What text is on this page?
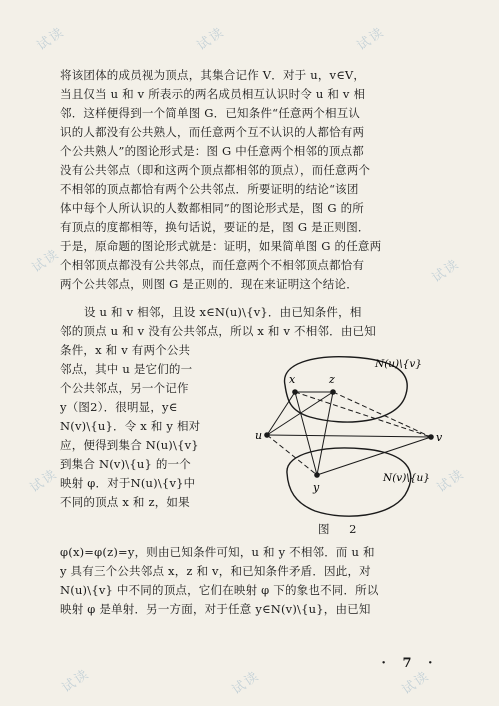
试读	试读	试读
试读	试读
试读	试读
试读	试读	试读
将该团体的成员视为顶点，其集合记作 V．对于 u，v∈V，
当且仅当 u 和 v 所表示的两名成员相互认识时令 u 和 v 相
邻．这样便得到一个简单图 G．已知条件“任意两个相互认
识的人都没有公共熟人，而任意两个互不认识的人都恰有两
个公共熟人”的图论形式是：图 G 中任意两个相邻的顶点都
没有公共邻点（即和这两个顶点都相邻的顶点），而任意两个
不相邻的顶点都恰有两个公共邻点．所要证明的结论“该团
体中每个人所认识的人数都相同”的图论形式是，图 G 的所
有顶点的度都相等，换句话说，要证的是，图 G 是正则图．
于是，原命题的图论形式就是：证明，如果简单图 G 的任意两
个相邻顶点都没有公共邻点，而任意两个不相邻顶点都恰有
两个公共邻点，则图 G 是正则的．现在来证明这个结论．
设 u 和 v 相邻，且设 x∈N(u)\{v}．由已知条件，相
邻的顶点 u 和 v 没有公共邻点，所以 x 和 v 不相邻．由已知
条件，x 和 v 有两个公共
邻点，其中 u 是它们的一
个公共邻点，另一个记作
y（图2）．很明显，y∈
N(v)\{u}．令 x 和 y 相对
应，便得到集合 N(u)\{v}
到集合 N(v)\{u} 的一个
映射 φ．对于N(u)\{v}中
不同的顶点 x 和 z，如果
u	v
x	z
y
N(u)\{v}
N(v)\{u}
图 2
φ(x)=φ(z)=y，则由已知条件可知，u 和 y 不相邻．而 u 和
y 具有三个公共邻点 x，z 和 v，和已知条件矛盾．因此，对
N(u)\{v} 中不同的顶点，它们在映射 φ 下的象也不同．所以
映射 φ 是单射．另一方面，对于任意 y∈N(v)\{u}，由已知
· 7 ·
